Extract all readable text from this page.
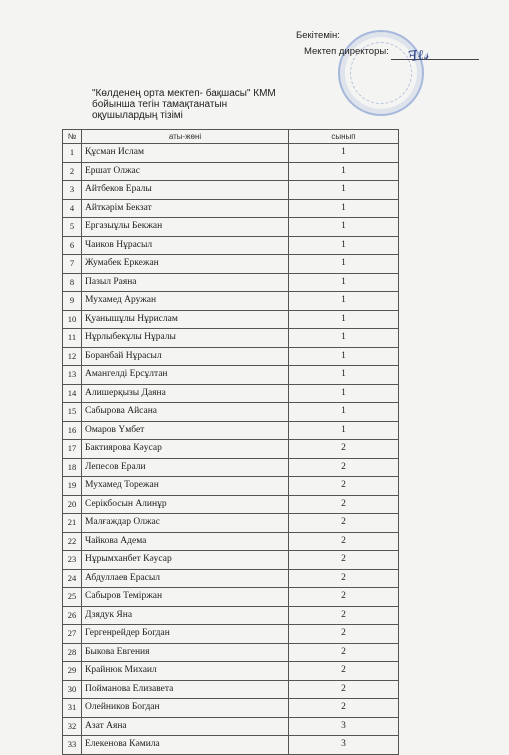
Бекітемін:
Мектеп директоры:	ꟻℓ𝓈
"Көлденең орта мектеп- бақшасы" КММ
бойынша тегін тамақтанатын
оқушылардың тізімі
№	аты-жөні	сынып
1	Құсман Ислам	1
2	Ершат Олжас	1
3	Айтбеков Ералы	1
4	Айткәрім Бекзат	1
5	Ергазыұлы Бекжан	1
6	Чаиков Нұрасыл	1
7	Жумабек Еркежан	1
8	Пазыл Раяна	1
9	Мухамед Аружан	1
10	Қуанышұлы Нұрислам	1
11	Нұрлыбекұлы Нұралы	1
12	Боранбай Нұрасыл	1
13	Амангелді Ерсұлтан	1
14	Алишерқызы Даяна	1
15	Сабырова Айсана	1
16	Омаров Үмбет	1
17	Бактиярова Кәусар	2
18	Лепесов Ерали	2
19	Мухамед Торежан	2
20	Серікбосын Алинұр	2
21	Малғаждар Олжас	2
22	Чайкова Адема	2
23	Нұрымханбет Кәусар	2
24	Абдуллаев Ерасыл	2
25	Сабыров Теміржан	2
26	Дзядук Яна	2
27	Гергенрейдер Богдан	2
28	Быкова Евгения	2
29	Крайнюк Михаил	2
30	Пойманова Елизавета	2
31	Олейников Богдан	2
32	Азат Аяна	3
33	Елекенова Кәмила	3
